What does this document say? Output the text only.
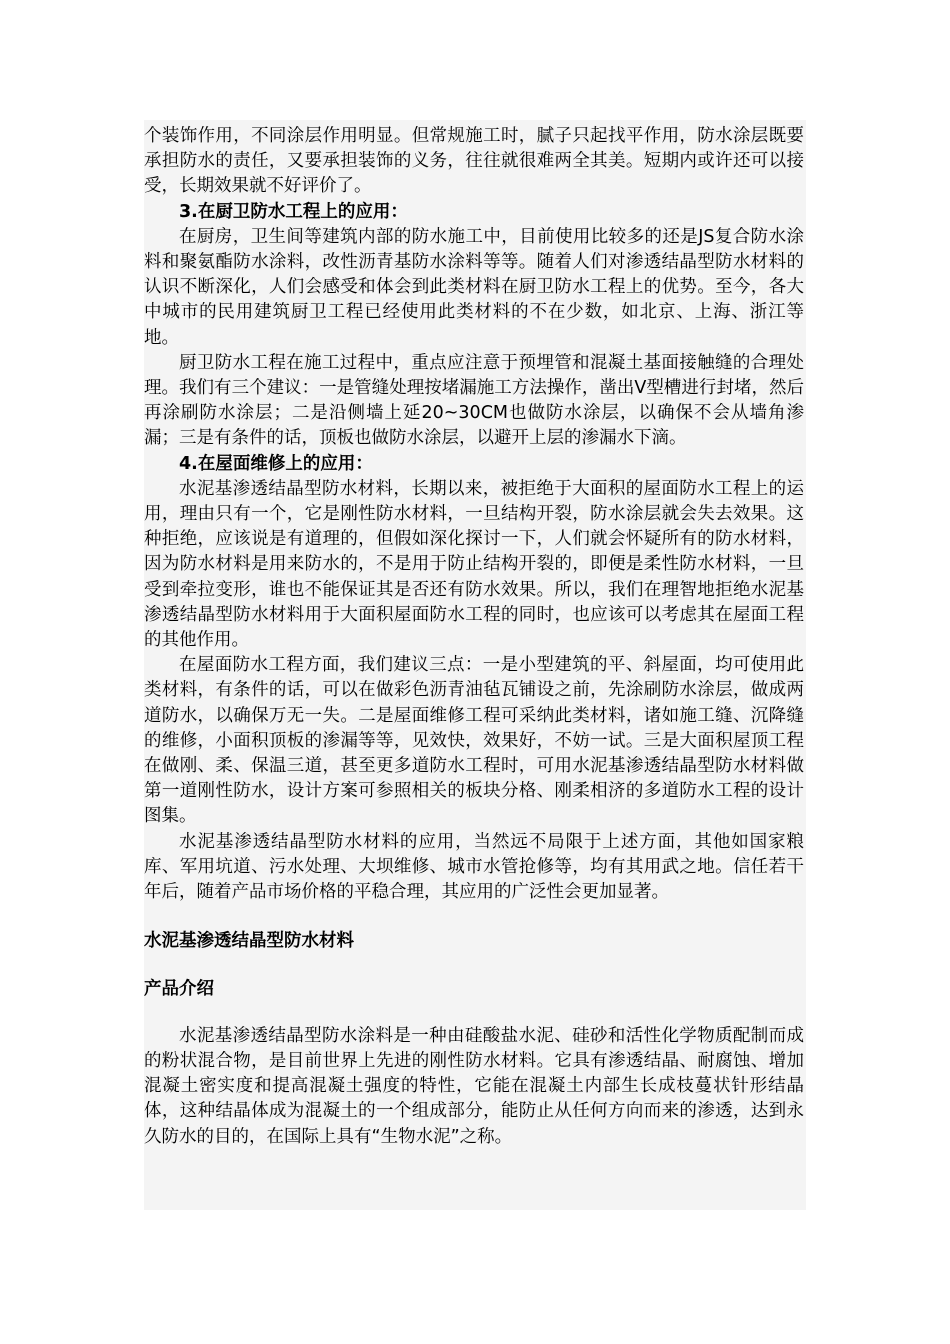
个装饰作用，不同涂层作用明显。但常规施工时，腻子只起找平作用，防水涂层既要承担防水的责任，又要承担装饰的义务，往往就很难两全其美。短期内或许还可以接受，长期效果就不好评价了。

3.在厨卫防水工程上的应用：

在厨房，卫生间等建筑内部的防水施工中，目前使用比较多的还是JS复合防水涂料和聚氨酯防水涂料，改性沥青基防水涂料等等。随着人们对渗透结晶型防水材料的认识不断深化，人们会感受和体会到此类材料在厨卫防水工程上的优势。至今，各大中城市的民用建筑厨卫工程已经使用此类材料的不在少数，如北京、上海、浙江等地。

厨卫防水工程在施工过程中，重点应注意于预埋管和混凝土基面接触缝的合理处理。我们有三个建议：一是管缝处理按堵漏施工方法操作，凿出V型槽进行封堵，然后再涂刷防水涂层；二是沿侧墙上延20~30CM也做防水涂层，以确保不会从墙角渗漏；三是有条件的话，顶板也做防水涂层，以避开上层的渗漏水下滴。

4.在屋面维修上的应用：

水泥基渗透结晶型防水材料，长期以来，被拒绝于大面积的屋面防水工程上的运用，理由只有一个，它是刚性防水材料，一旦结构开裂，防水涂层就会失去效果。这种拒绝，应该说是有道理的，但假如深化探讨一下，人们就会怀疑所有的防水材料，因为防水材料是用来防水的，不是用于防止结构开裂的，即便是柔性防水材料，一旦受到牵拉变形，谁也不能保证其是否还有防水效果。所以，我们在理智地拒绝水泥基渗透结晶型防水材料用于大面积屋面防水工程的同时，也应该可以考虑其在屋面工程的其他作用。

在屋面防水工程方面，我们建议三点：一是小型建筑的平、斜屋面，均可使用此类材料，有条件的话，可以在做彩色沥青油毡瓦铺设之前，先涂刷防水涂层，做成两道防水，以确保万无一失。二是屋面维修工程可采纳此类材料，诸如施工缝、沉降缝的维修，小面积顶板的渗漏等等，见效快，效果好，不妨一试。三是大面积屋顶工程在做刚、柔、保温三道，甚至更多道防水工程时，可用水泥基渗透结晶型防水材料做第一道刚性防水，设计方案可参照相关的板块分格、刚柔相济的多道防水工程的设计图集。

水泥基渗透结晶型防水材料的应用，当然远不局限于上述方面，其他如国家粮库、军用坑道、污水处理、大坝维修、城市水管抢修等，均有其用武之地。信任若干年后，随着产品市场价格的平稳合理，其应用的广泛性会更加显著。

水泥基渗透结晶型防水材料

产品介绍

水泥基渗透结晶型防水涂料是一种由硅酸盐水泥、硅砂和活性化学物质配制而成的粉状混合物，是目前世界上先进的刚性防水材料。它具有渗透结晶、耐腐蚀、增加混凝土密实度和提高混凝土强度的特性，它能在混凝土内部生长成枝蔓状针形结晶体，这种结晶体成为混凝土的一个组成部分，能防止从任何方向而来的渗透，达到永久防水的目的，在国际上具有“生物水泥”之称。
